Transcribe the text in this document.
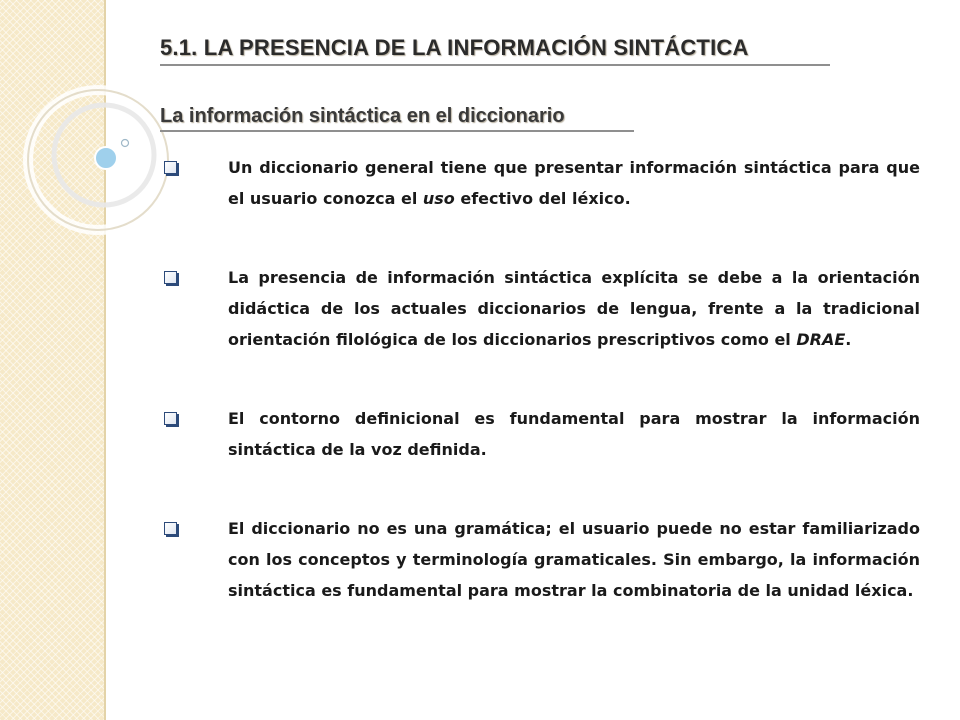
5.1. LA PRESENCIA DE LA INFORMACIÓN SINTÁCTICA
La información sintáctica en el diccionario
Un diccionario general tiene que presentar información sintáctica para que el usuario conozca el uso efectivo del léxico.
La presencia de información sintáctica explícita se debe a la orientación didáctica de los actuales diccionarios de lengua, frente a la tradicional orientación filológica de los diccionarios prescriptivos como el DRAE.
El contorno definicional es fundamental para mostrar la información sintáctica de la voz definida.
El diccionario no es una gramática; el usuario puede no estar familiarizado con los conceptos y terminología gramaticales. Sin embargo, la información sintáctica es fundamental para mostrar la combinatoria de la unidad léxica.
